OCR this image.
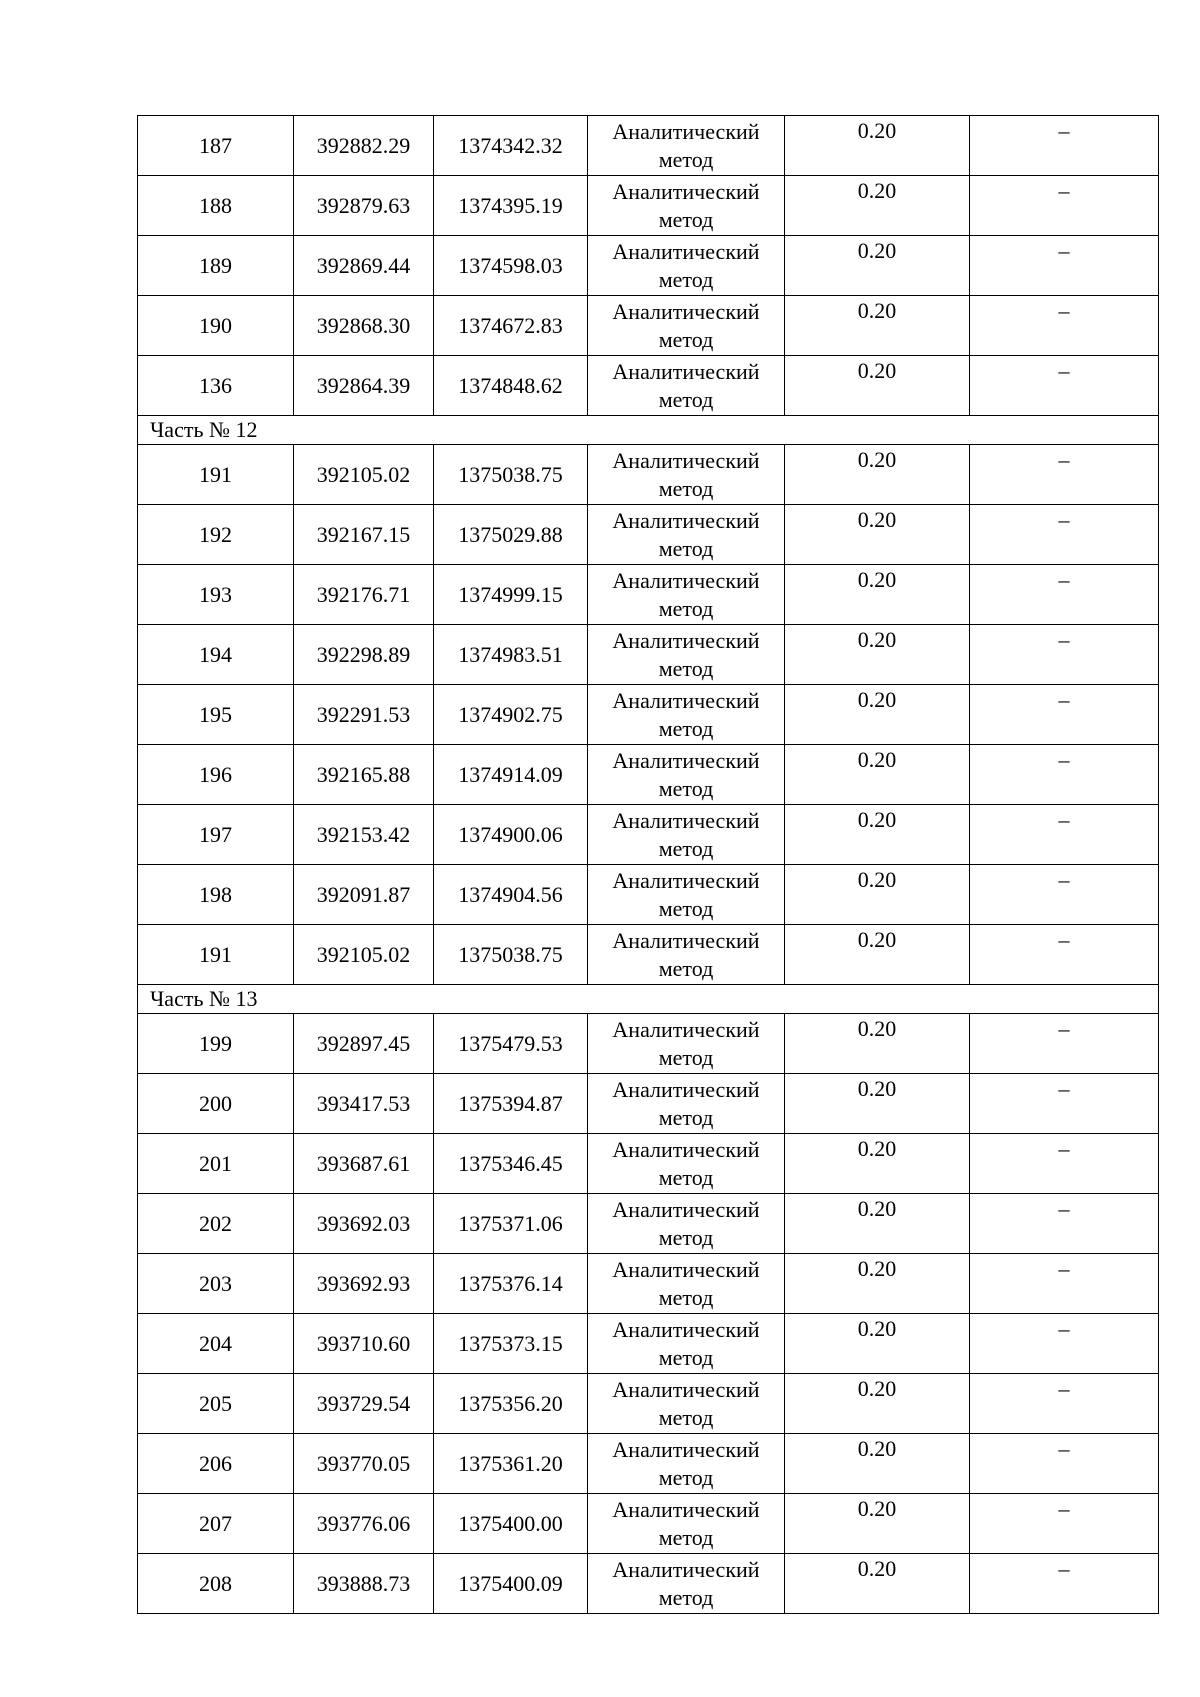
187	392882.29	1374342.32	Аналитический метод	0.20	–
188	392879.63	1374395.19	Аналитический метод	0.20	–
189	392869.44	1374598.03	Аналитический метод	0.20	–
190	392868.30	1374672.83	Аналитический метод	0.20	–
136	392864.39	1374848.62	Аналитический метод	0.20	–
Часть № 12					
191	392105.02	1375038.75	Аналитический метод	0.20	–
192	392167.15	1375029.88	Аналитический метод	0.20	–
193	392176.71	1374999.15	Аналитический метод	0.20	–
194	392298.89	1374983.51	Аналитический метод	0.20	–
195	392291.53	1374902.75	Аналитический метод	0.20	–
196	392165.88	1374914.09	Аналитический метод	0.20	–
197	392153.42	1374900.06	Аналитический метод	0.20	–
198	392091.87	1374904.56	Аналитический метод	0.20	–
191	392105.02	1375038.75	Аналитический метод	0.20	–
Часть № 13					
199	392897.45	1375479.53	Аналитический метод	0.20	–
200	393417.53	1375394.87	Аналитический метод	0.20	–
201	393687.61	1375346.45	Аналитический метод	0.20	–
202	393692.03	1375371.06	Аналитический метод	0.20	–
203	393692.93	1375376.14	Аналитический метод	0.20	–
204	393710.60	1375373.15	Аналитический метод	0.20	–
205	393729.54	1375356.20	Аналитический метод	0.20	–
206	393770.05	1375361.20	Аналитический метод	0.20	–
207	393776.06	1375400.00	Аналитический метод	0.20	–
208	393888.73	1375400.09	Аналитический метод	0.20	–
